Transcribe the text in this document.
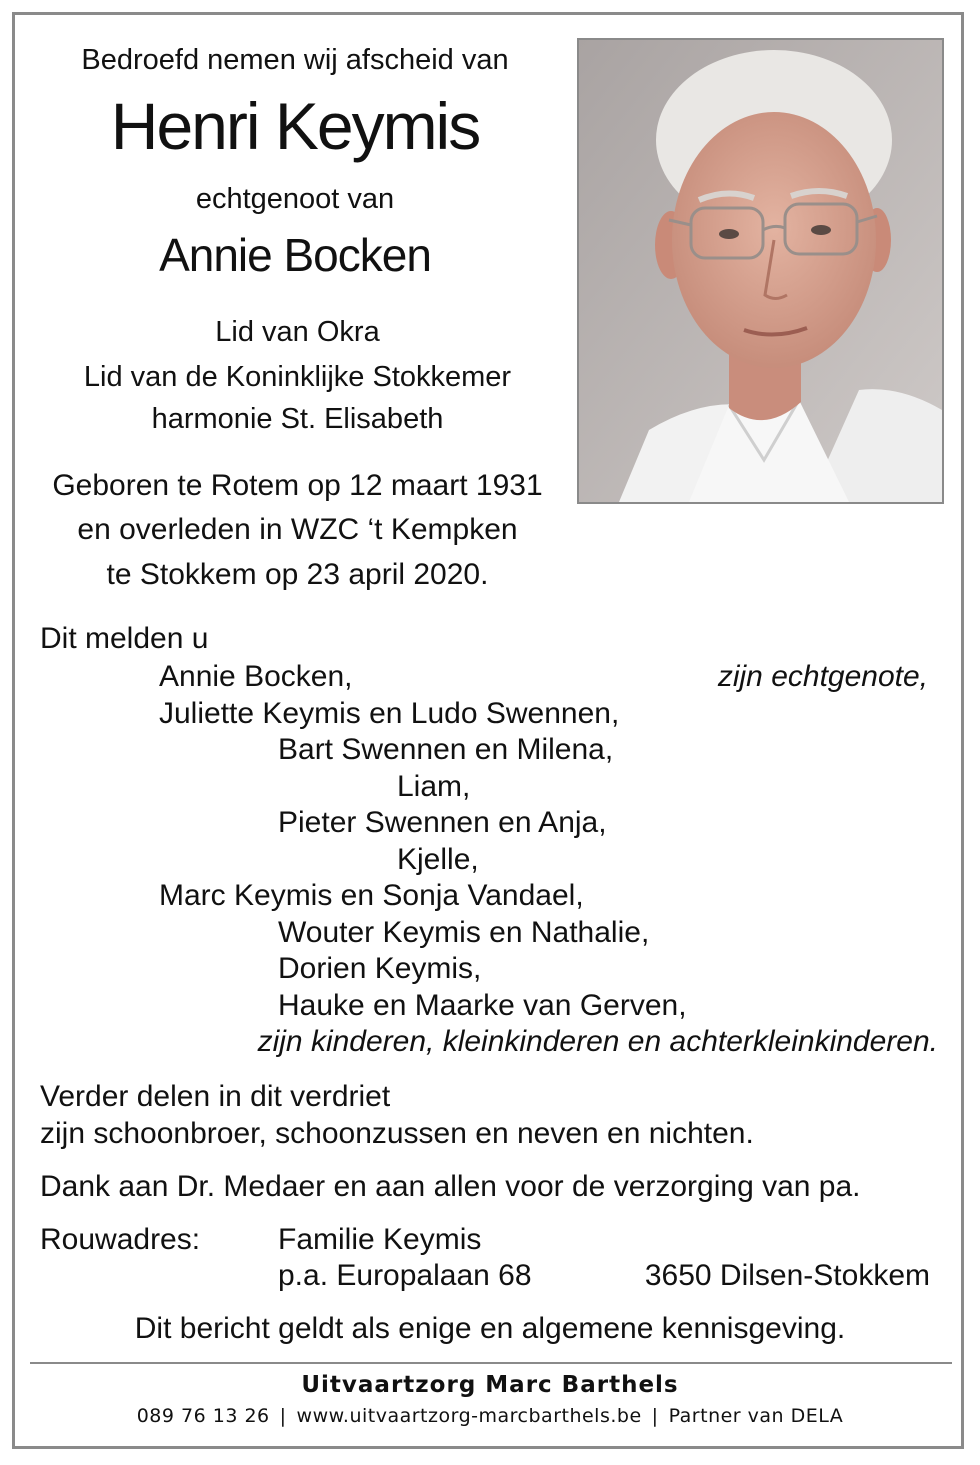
Bedroefd nemen wij afscheid van
Henri Keymis
echtgenoot van
Annie Bocken
Lid van Okra
Lid van de Koninklijke Stokkemer
harmonie St. Elisabeth
Geboren te Rotem op 12 maart 1931
en overleden in WZC ‘t Kempken
te Stokkem op 23 april 2020.
Dit melden u
Annie Bocken,	zijn echtgenote,
Juliette Keymis en Ludo Swennen,
Bart Swennen en Milena,
Liam,
Pieter Swennen en Anja,
Kjelle,
Marc Keymis en Sonja Vandael,
Wouter Keymis en Nathalie,
Dorien Keymis,
Hauke en Maarke van Gerven,
zijn kinderen, kleinkinderen en achterkleinkinderen.
Verder delen in dit verdriet
zijn schoonbroer, schoonzussen en neven en nichten.
Dank aan Dr. Medaer en aan allen voor de verzorging van pa.
Rouwadres:	Familie Keymis
p.a. Europalaan 68	3650 Dilsen-Stokkem
Dit bericht geldt als enige en algemene kennisgeving.
Uitvaartzorg Marc Barthels
089 76 13 26 | www.uitvaartzorg-marcbarthels.be | Partner van DELA
